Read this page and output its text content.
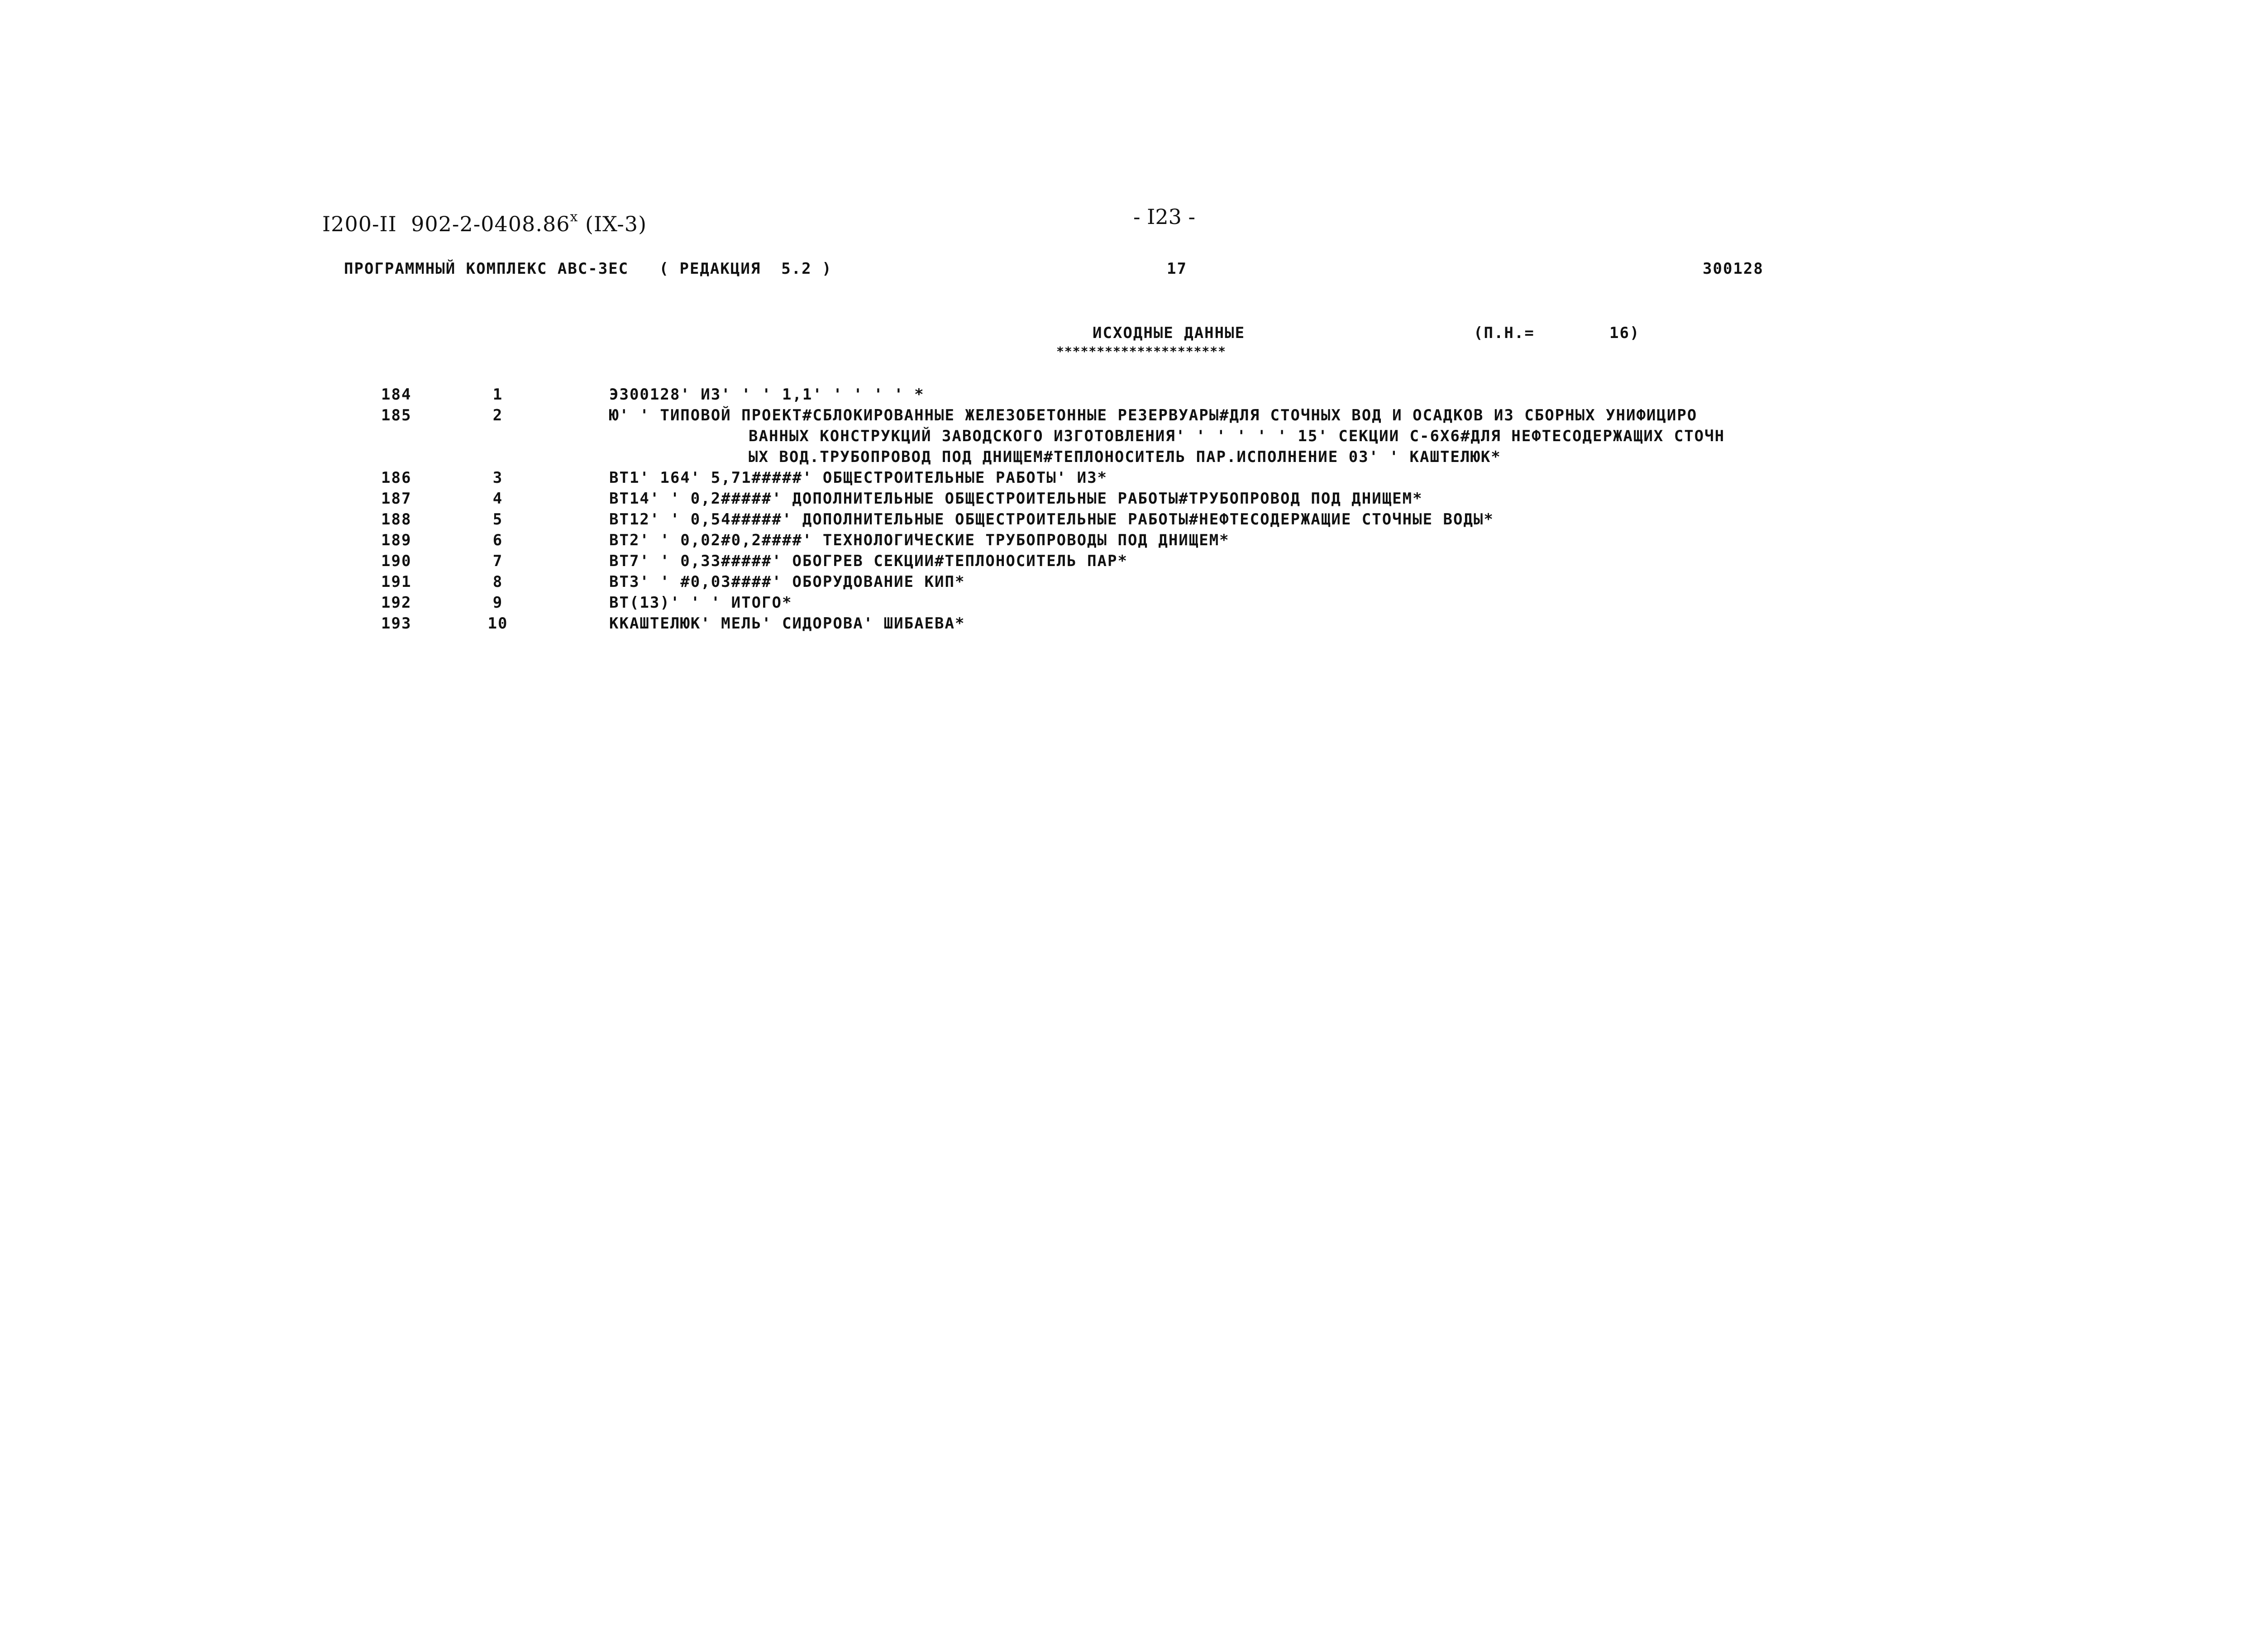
I200-II  902-2-0408.86$^x$ (IX-3)	- I23 -
ПРОГРАММНЫЙ КОМПЛЕКС АВС-ЗЕС   ( РЕДАКЦИЯ  5.2 )	17	300128
ИСХОДНЫЕ ДАННЫЕ	(П.Н.=	16)
*********************
184	1	Э300128' ИЗ' ' ' 1,1' ' ' ' ' *
185	2	Ю' ' ТИПОВОЙ ПРОЕКТ#СБЛОКИРОВАННЫЕ ЖЕЛЕЗОБЕТОННЫЕ РЕЗЕРВУАРЫ#ДЛЯ СТОЧНЫХ ВОД И ОСАДКОВ ИЗ СБОРНЫХ УНИФИЦИРО
ВАННЫХ КОНСТРУКЦИЙ ЗАВОДСКОГО ИЗГОТОВЛЕНИЯ' ' ' ' ' ' 15' СЕКЦИИ С-6Х6#ДЛЯ НЕФТЕСОДЕРЖАЩИХ СТОЧН
ЫХ ВОД.ТРУБОПРОВОД ПОД ДНИЩЕМ#ТЕПЛОНОСИТЕЛЬ ПАР.ИСПОЛНЕНИЕ 03' ' КАШТЕЛЮК*
186	3	ВТ1' 164' 5,71#####' ОБЩЕСТРОИТЕЛЬНЫЕ РАБОТЫ' ИЗ*
187	4	ВТ14' ' 0,2#####' ДОПОЛНИТЕЛЬНЫЕ ОБЩЕСТРОИТЕЛЬНЫЕ РАБОТЫ#ТРУБОПРОВОД ПОД ДНИЩЕМ*
188	5	ВТ12' ' 0,54#####' ДОПОЛНИТЕЛЬНЫЕ ОБЩЕСТРОИТЕЛЬНЫЕ РАБОТЫ#НЕФТЕСОДЕРЖАЩИЕ СТОЧНЫЕ ВОДЫ*
189	6	ВТ2' ' 0,02#0,2####' ТЕХНОЛОГИЧЕСКИЕ ТРУБОПРОВОДЫ ПОД ДНИЩЕМ*
190	7	ВТ7' ' 0,33#####' ОБОГРЕВ СЕКЦИИ#ТЕПЛОНОСИТЕЛЬ ПАР*
191	8	ВТ3' ' #0,03####' ОБОРУДОВАНИЕ КИП*
192	9	ВТ(13)' ' ' ИТОГО*
193	10	ККАШТЕЛЮК' МЕЛЬ' СИДОРОВА' ШИБАЕВА*
